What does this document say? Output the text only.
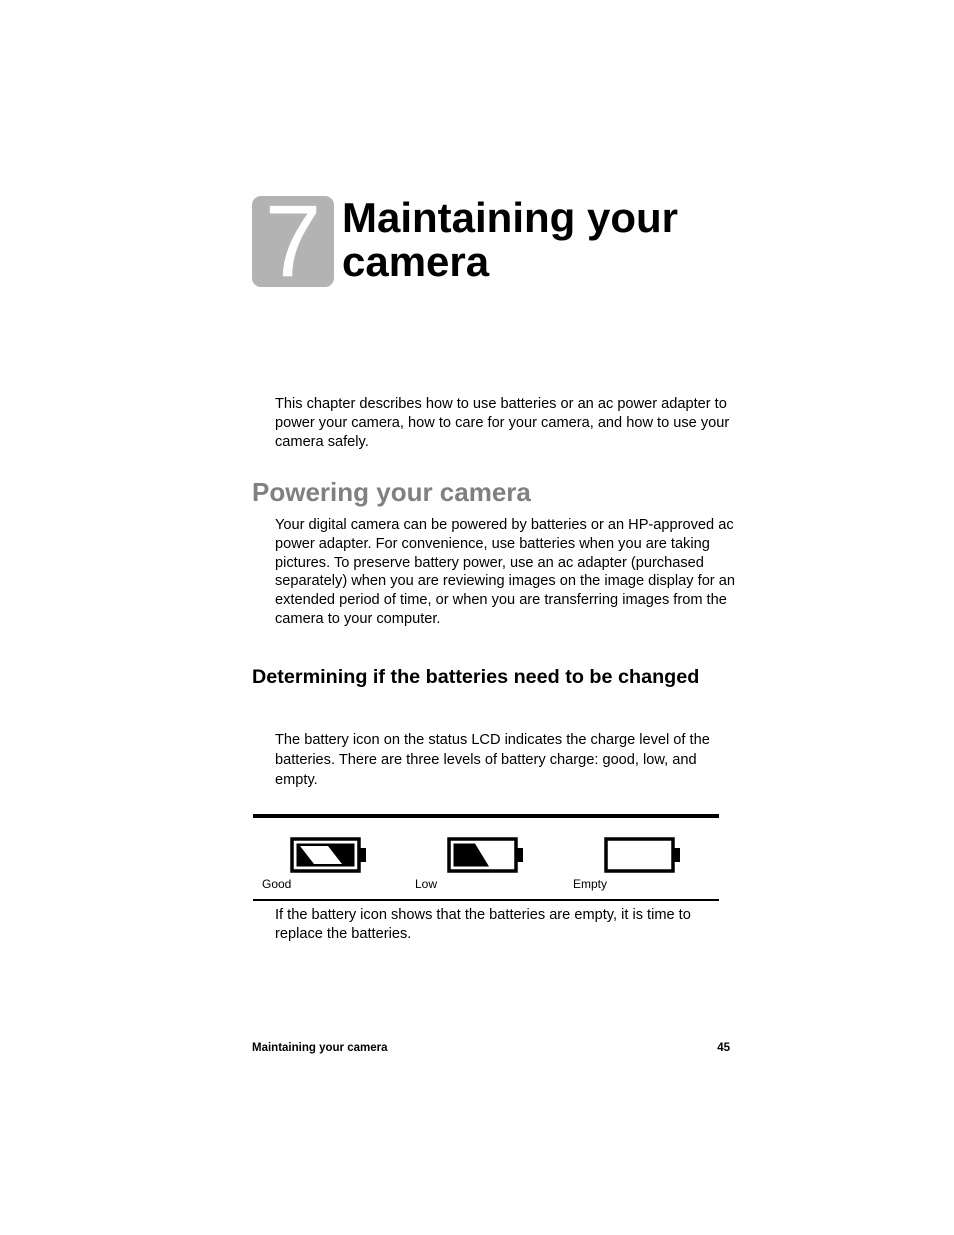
7 Maintaining your camera

This chapter describes how to use batteries or an ac power adapter to power your camera, how to care for your camera, and how to use your camera safely.

Powering your camera

Your digital camera can be powered by batteries or an HP-approved ac power adapter. For convenience, use batteries when you are taking pictures. To preserve battery power, use an ac adapter (purchased separately) when you are reviewing images on the image display for an extended period of time, or when you are transferring images from the camera to your computer.

Determining if the batteries need to be changed

The battery icon on the status LCD indicates the charge level of the batteries. There are three levels of battery charge: good, low, and empty.

Good	Low	Empty

If the battery icon shows that the batteries are empty, it is time to replace the batteries.

Maintaining your camera	45
